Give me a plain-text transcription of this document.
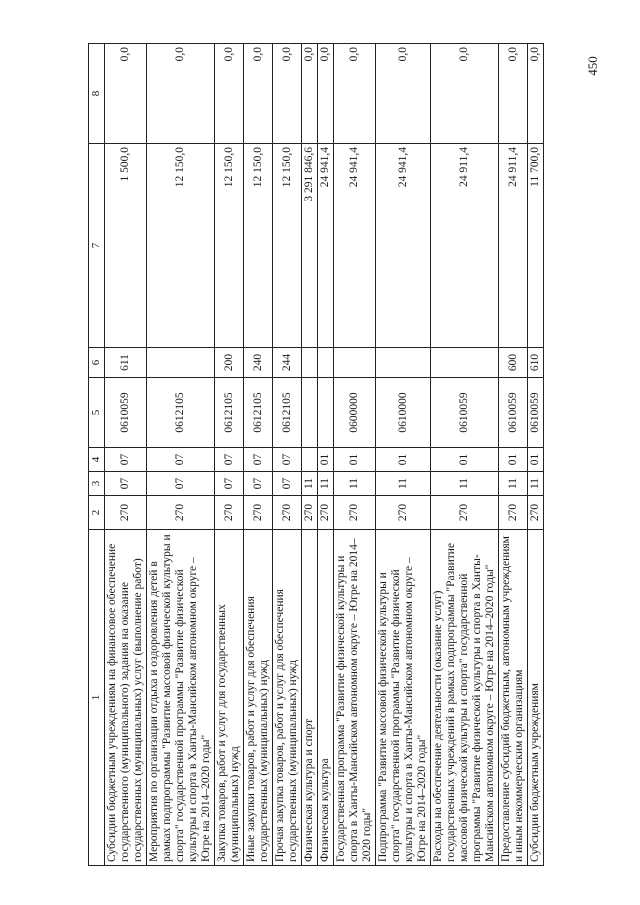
450
1	2	3	4	5	6	7	8
Субсидии бюджетным учреждениям на финансовое обеспечение государственного (муниципального) задания на оказание государственных (муниципальных) услуг (выполнение работ)	270	07	07	0610059	611	1 500,0	0,0
Мероприятия по организации отдыха и оздоровления детей в рамках подпрограммы "Развитие массовой физической культуры и спорта" государственной программы "Развитие физической культуры и спорта в Ханты-Мансийском автономном округе – Югре на 2014–2020 годы"	270	07	07	0612105		12 150,0	0,0
Закупка товаров, работ и услуг для государственных (муниципальных) нужд	270	07	07	0612105	200	12 150,0	0,0
Иные закупки товаров, работ и услуг для обеспечения государственных (муниципальных) нужд	270	07	07	0612105	240	12 150,0	0,0
Прочая закупка товаров, работ и услуг для обеспечения государственных (муниципальных) нужд	270	07	07	0612105	244	12 150,0	0,0
Физическая культура и спорт	270	11				3 291 846,6	0,0
Физическая культура	270	11	01			24 941,4	0,0
Государственная программа "Развитие физической культуры и спорта в Ханты-Мансийском автономном округе – Югре на 2014–2020 годы"	270	11	01	0600000		24 941,4	0,0
Подпрограмма "Развитие массовой физической культуры и спорта" государственной программы "Развитие физической культуры и спорта в Ханты-Мансийском автономном округе – Югре на 2014–2020 годы"	270	11	01	0610000		24 941,4	0,0
Расходы на обеспечение деятельности (оказание услуг) государственных учреждений в рамках подпрограммы "Развитие массовой физической культуры и спорта" государственной программы "Развитие физической культуры и спорта в Ханты-Мансийском автономном округе – Югре на 2014–2020 годы"	270	11	01	0610059		24 911,4	0,0
Предоставление субсидий бюджетным, автономным учреждениям и иным некоммерческим организациям	270	11	01	0610059	600	24 911,4	0,0
Субсидии бюджетным учреждениям	270	11	01	0610059	610	11 700,0	0,0
